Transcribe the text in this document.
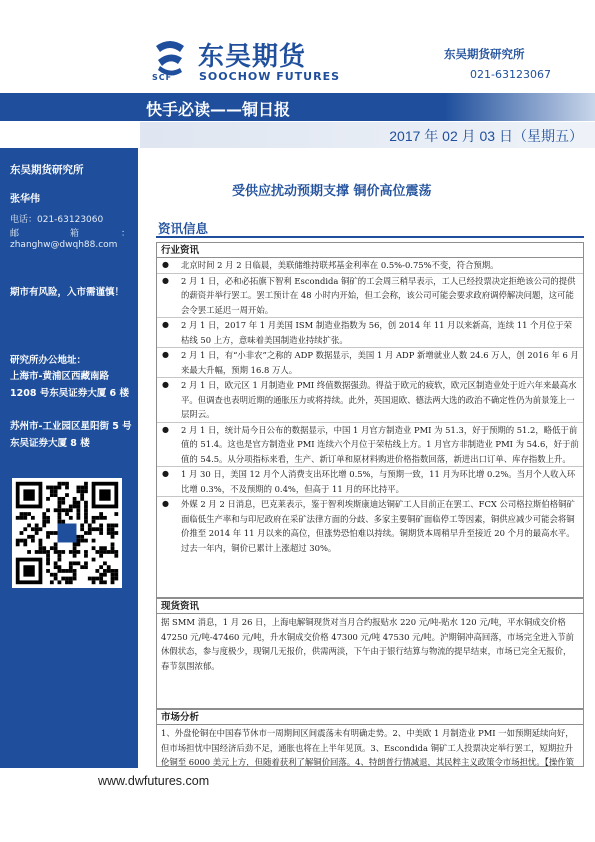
SCF
东吴期货
SOOCHOW FUTURES
东吴期货研究所
021-63123067
快手必读——铜日报
2017 年 02 月 03 日（星期五）
东吴期货研究所
张华伟
电话：021-63123060
邮	箱	：
zhanghw@dwqh88.com
期市有风险，入市需谨慎！
研究所办公地址：
上海市-黄浦区西藏南路 1208 号东吴证券大厦 6 楼
苏州市-工业园区星阳街 5 号东吴证券大厦 8 楼
受供应扰动预期支撑 铜价高位震荡
资讯信息
行业资讯
● 北京时间 2 月 2 日临晨，美联储维持联邦基金利率在 0.5%-0.75%不变，符合预期。
● 2 月 1 日，必和必拓旗下智利 Escondida 铜矿的工会周三稍早表示，工人已经投票决定拒绝该公司的提供的薪资并举行罢工。罢工预计在 48 小时内开始，但工会称，该公司可能会要求政府调停解决问题，这可能会令罢工延迟一周开始。
● 2 月 1 日，2017 年 1 月美国 ISM 制造业指数为 56，创 2014 年 11 月以来新高，连续 11 个月位于荣枯线 50 上方，意味着美国制造业持续扩张。
● 2 月 1 日，有“小非农”之称的 ADP 数据显示，美国 1 月 ADP 新增就业人数 24.6 万人，创 2016 年 6 月来最大升幅，预期 16.8 万人。
● 2 月 1 日，欧元区 1 月制造业 PMI 终值数据强劲。得益于欧元的疲软，欧元区制造业处于近六年来最高水平。但调查也表明近期的通胀压力或将持续。此外，英国退欧、德法两大选的政治不确定性仍为前景笼上一层阴云。
● 2 月 1 日，统计局今日公布的数据显示，中国 1 月官方制造业 PMI 为 51.3，好于预期的 51.2，略低于前值的 51.4。这也是官方制造业 PMI 连续六个月位于荣枯线上方。1 月官方非制造业 PMI 为 54.6，好于前值的 54.5。从分项指标来看，生产、新订单和原材料购进价格指数回落，新进出口订单、库存指数上升。
● 1 月 30 日，美国 12 月个人消费支出环比增 0.5%，与预期一致，11 月为环比增 0.2%。当月个人收入环比增 0.3%，不及预期的 0.4%，但高于 11 月的环比持平。
● 外媒 2 月 2 日消息，巴克莱表示，鉴于智利埃斯康迪达铜矿工人目前正在罢工、FCX 公司格拉斯伯格铜矿面临低生产率和与印尼政府在采矿法律方面的分歧、多家主要铜矿面临停工等因素，铜供应减少可能会将铜价推至 2014 年 11 月以来的高位，但涨势恐怕难以持续。铜期货本周稍早升至接近 20 个月的最高水平。过去一年内，铜价已累计上涨超过 30%。
现货资讯
据 SMM 消息，1 月 26 日，上海电解铜现货对当月合约报贴水 220 元/吨-贴水 120 元/吨，平水铜成交价格 47250 元/吨-47460 元/吨，升水铜成交价格 47300 元/吨 47530 元/吨。沪期铜冲高回落，市场完全进入节前休假状态，参与度极少，现铜几无报价，供需两淡，下午由于银行结算与物流的提早结束，市场已完全无报价，春节氛围浓郁。
市场分析
1、外盘伦铜在中国春节休市一周期间区间震荡未有明确走势。2、中美欧 1 月制造业 PMI 一如预期延续向好，但市场担忧中国经济后劲不足，通胀也将在上半年见顶。3、Escondida 铜矿工人投票决定举行罢工，短期拉升伦铜至 6000 美元上方，但随着获利了解铜价回落。4、特朗普行情减退，其民粹主义政策令市场担忧。【操作策
www.dwfutures.com
